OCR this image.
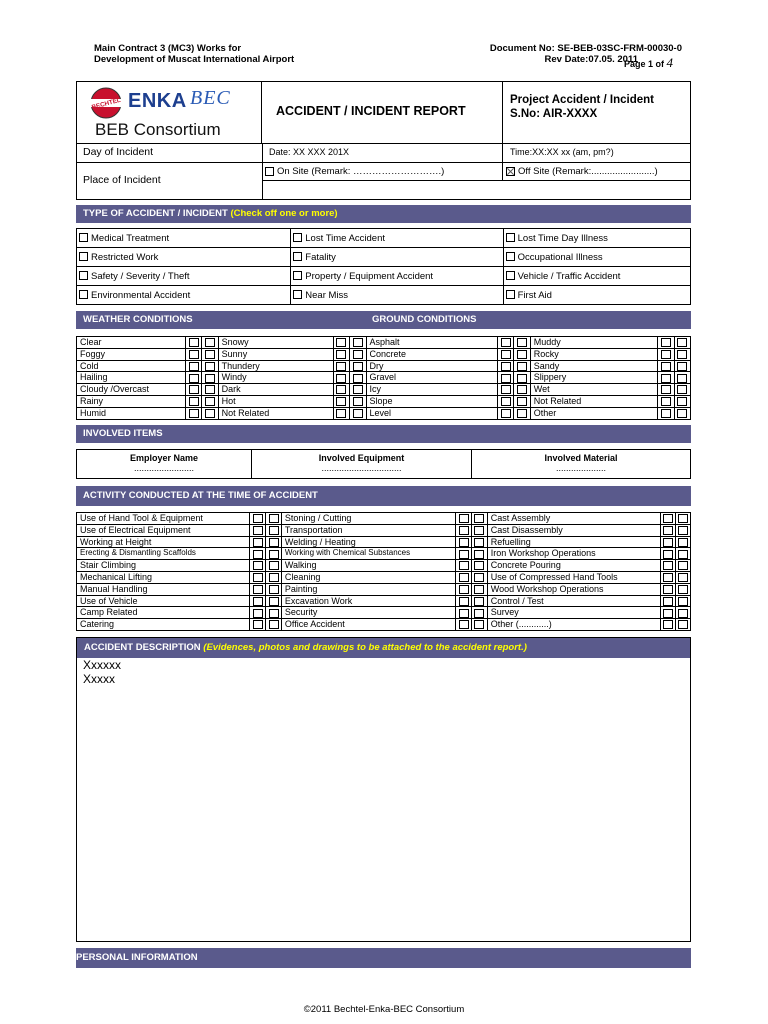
Main Contract 3 (MC3) Works for
Development of Muscat International Airport
Document No: SE-BEB-03SC-FRM-00030-0
Rev Date:07.05. 2011
Page 1 of 4
BECHTEL ENKA BEC
BEB Consortium
ACCIDENT / INCIDENT REPORT
Project Accident / Incident
S.No: AIR-XXXX
Day of Incident	Date: XX XXX 201X	Time:XX:XX xx (am, pm?)
Place of Incident
On Site (Remark: ……………………….)	Off Site (Remark:........................)
TYPE OF ACCIDENT / INCIDENT (Check off one or more)
Medical Treatment	Lost Time Accident	Lost Time Day Illness
Restricted Work	Fatality	Occupational Illness
Safety / Severity / Theft	Property / Equipment Accident	Vehicle / Traffic Accident
Environmental Accident	Near Miss	First Aid
WEATHER CONDITIONS	GROUND CONDITIONS
Clear			Snowy			Asphalt			Muddy		
Foggy			Sunny			Concrete			Rocky		
Cold			Thundery			Dry			Sandy		
Hailing			Windy			Gravel			Slippery		
Cloudy /Overcast			Dark			Icy			Wet		
Rainy			Hot			Slope			Not Related		
Humid			Not Related			Level			Other		
INVOLVED ITEMS
Employer Name
........................
Involved Equipment
................................
Involved Material
....................
ACTIVITY CONDUCTED AT THE TIME OF ACCIDENT
Use of Hand Tool & Equipment			Stoning / Cutting			Cast Assembly		
Use of Electrical Equipment			Transportation			Cast Disassembly		
Working at Height			Welding / Heating			Refuelling		
Erecting & Dismantling Scaffolds			Working with Chemical Substances			Iron Workshop Operations		
Stair Climbing			Walking			Concrete Pouring		
Mechanical Lifting			Cleaning			Use of Compressed Hand Tools		
Manual Handling			Painting			Wood Workshop Operations		
Use of Vehicle			Excavation Work			Control / Test		
Camp Related			Security			Survey		
Catering			Office Accident			Other (............)		
ACCIDENT DESCRIPTION (Evidences, photos and drawings to be attached to the accident report.)
Xxxxxx
Xxxxx
PERSONAL INFORMATION
©2011 Bechtel-Enka-BEC Consortium
